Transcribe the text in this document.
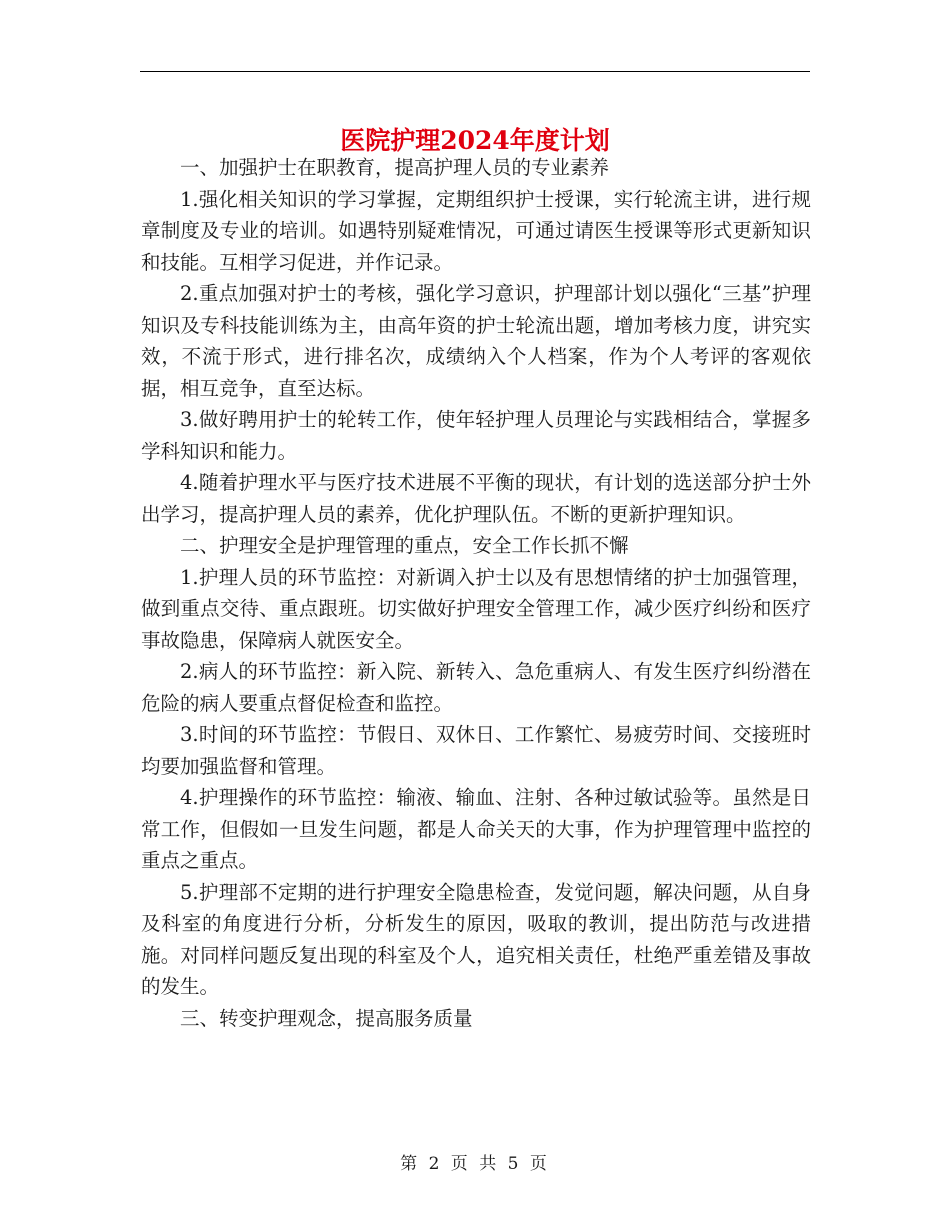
医院护理2024年度计划

一、加强护士在职教育，提高护理人员的专业素养

1.强化相关知识的学习掌握，定期组织护士授课，实行轮流主讲，进行规章制度及专业的培训。如遇特别疑难情况，可通过请医生授课等形式更新知识和技能。互相学习促进，并作记录。

2.重点加强对护士的考核，强化学习意识，护理部计划以强化“三基”护理知识及专科技能训练为主，由高年资的护士轮流出题，增加考核力度，讲究实效，不流于形式，进行排名次，成绩纳入个人档案，作为个人考评的客观依据，相互竞争，直至达标。

3.做好聘用护士的轮转工作，使年轻护理人员理论与实践相结合，掌握多学科知识和能力。

4.随着护理水平与医疗技术进展不平衡的现状，有计划的选送部分护士外出学习，提高护理人员的素养，优化护理队伍。不断的更新护理知识。

二、护理安全是护理管理的重点，安全工作长抓不懈

1.护理人员的环节监控：对新调入护士以及有思想情绪的护士加强管理，做到重点交待、重点跟班。切实做好护理安全管理工作，减少医疗纠纷和医疗事故隐患，保障病人就医安全。

2.病人的环节监控：新入院、新转入、急危重病人、有发生医疗纠纷潜在危险的病人要重点督促检查和监控。

3.时间的环节监控：节假日、双休日、工作繁忙、易疲劳时间、交接班时均要加强监督和管理。

4.护理操作的环节监控：输液、输血、注射、各种过敏试验等。虽然是日常工作，但假如一旦发生问题，都是人命关天的大事，作为护理管理中监控的重点之重点。

5.护理部不定期的进行护理安全隐患检查，发觉问题，解决问题，从自身及科室的角度进行分析，分析发生的原因，吸取的教训，提出防范与改进措施。对同样问题反复出现的科室及个人，追究相关责任，杜绝严重差错及事故的发生。

三、转变护理观念，提高服务质量

第 2 页 共 5 页
